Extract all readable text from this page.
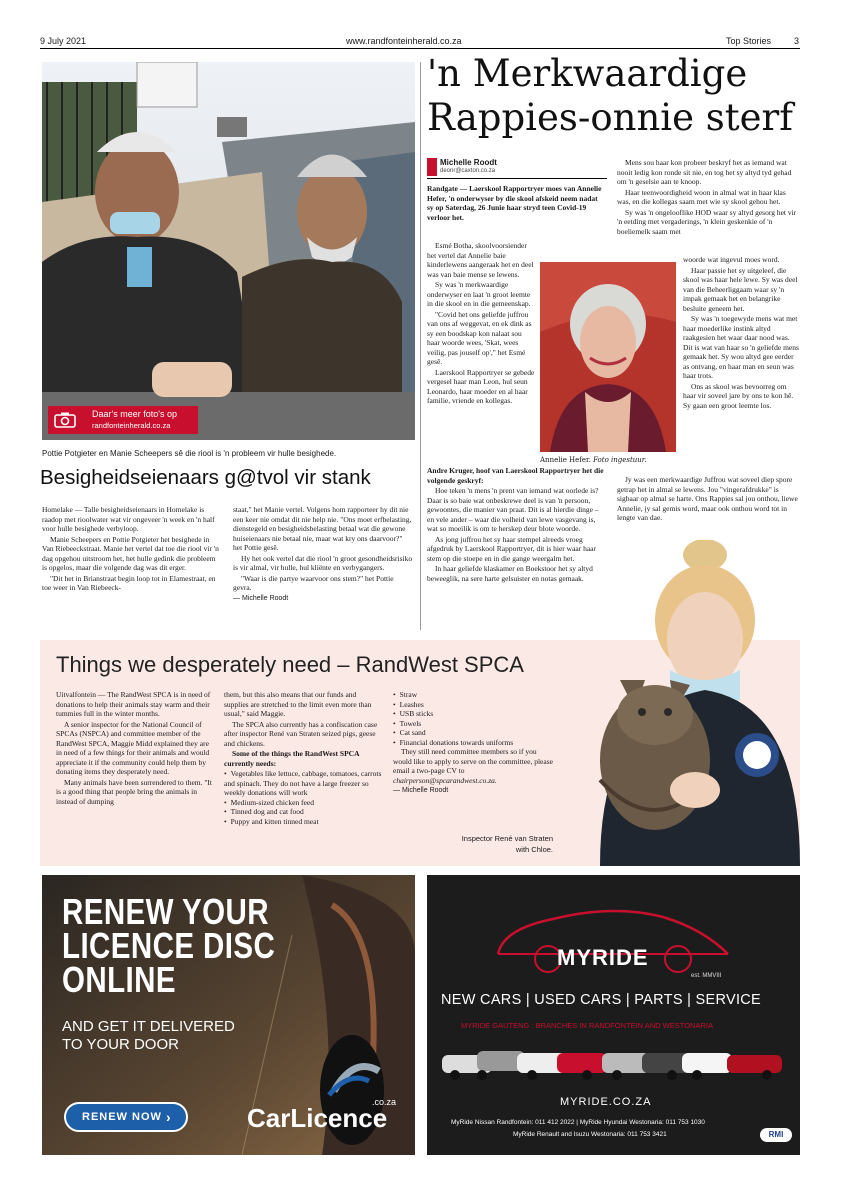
9 July 2021	www.randfonteinherald.co.za	Top Stories	3
Daar's meer foto's op
randfonteinherald.co.za
Pottie Potgieter en Manie Scheepers sê die riool is 'n probleem vir hulle besighede.
Besigheidseienaars g@tvol vir stank

Homelake — Talle besigheidseienaars in Homelake is raadop met rioolwater wat vir ongeveer 'n week en 'n half voor hulle besighede verbyloop.

Manie Scheepers en Pottie Potgieter het besighede in Van Riebeeckstraat. Manie het vertel dat toe die riool vir 'n dag opgehou uitstroom het, het hulle gedink die probleem is opgelos, maar die volgende dag was dit erger.

"Dit het in Brianstraat begin loop tot in Elamestraat, en toe weer in Van Riebeeck-

staat," het Manie vertel. Volgens hom rapporteer hy dit nie een keer nie omdat dit nie help nie. "Ons moet erfbelasting, dienstegeld en besigheidsbelasting betaal wat die gewone huiseienaars nie betaal nie, maar wat kry ons daarvoor?" het Pottie gesê.

Hy het ook vertel dat die riool 'n groot gesondheidsrisiko is vir almal, vir hulle, hul kliënte en verbygangers.

"Waar is die partye waarvoor ons stem?" het Pottie gevra.

— Michelle Roodt

'n Merkwaardige Rappies-onnie sterf
Michelle Roodt
deonr@caxton.co.za

Randgate — Laerskool Rapportryer moes van Annelie Hefer, 'n onderwyser by die skool afskeid neem nadat sy op Saterdag, 26 Junie haar stryd teen Covid-19 verloor het.

Esmé Botha, skoolvoorsiender het vertel dat Annelie baie kinderlewens aangeraak het en deel was van baie mense se lewens.

Sy was 'n merkwaardige onderwyser en laat 'n groot leemte in die skool en in die gemeenskap.

"Covid het ons geliefde juffrou van ons af weggevat, en ek dink as sy een boodskap kon nalaat sou haar woorde wees, 'Skat, wees veilig, pas jouself op'," het Esmé gesê.

Laerskool Rapportryer se gebede vergesel haar man Leon, hul seun Leonardo, haar moeder en al haar familie, vriende en kollegas.

Andre Kruger, hoof van Laerskool Rapportryer het die volgende geskryf:

Hoe teken 'n mens 'n prent van iemand wat oorlede is? Daar is so baie wat onbeskrewe deel is van 'n persoon, gewoontes, die manier van praat. Dit is al hierdie dinge – en vele ander – waar die volheid van lewe vasgevang is, wat so moeilik is om te herskep deur blote woorde.

As jong juffrou het sy haar stempel alreeds vroeg afgedruk by Laerskool Rapportryer, dit is hier waar haar stem op die stoepe en in die gange weergalm het.

In haar geliefde klaskamer en Boekstoor het sy altyd beweeglik, na sere harte gelsuister en notas gemaak.

Annelie Hefer. Foto ingestuur.

Mens sou haar kon probeer beskryf het as iemand wat nooit ledig kon ronde sit nie, en tog het sy altyd tyd gehad om 'n geselsie aan te knoop.

Haar teenwoordigheid woon in almal wat in haar klas was, en die kollegas saam met wie sy skool gehou het.

Sy was 'n ongelooflike HOD waar sy altyd gesorg het vir 'n eetding met vergaderings, 'n klein geskenkie of 'n boeliemelk saam met

woorde wat ingevul moes word.

Haar passie het sy uitgeleef, die skool was haar hele lewe. Sy was deel van die Beheerliggaam waar sy 'n impak gemaak het en belangrike besluite geneem het.

Sy was 'n toegewyde mens wat met haar moederlike instink altyd raakgesien het waar daar nood was. Dit is wat van haar so 'n geliefde mens gemaak het. Sy wou altyd gee eerder as ontvang, en haar man en seun was haar trots.

Ons as skool was bevoorreg om haar vir soveel jare by ons te kon hê. Sy gaan een groot leemte los.

Jy was een merkwaardige Juffrou wat soveel diep spore getrap het in almal se lewens. Jou "vingerafdrukke" is sigbaar op almal se harte. Ons Rappies sal jou onthou, liewe Annelie, jy sal gemis word, maar ook onthou word tot in lengte van dae.

Things we desperately need – RandWest SPCA

Uitvalfontein — The RandWest SPCA is in need of donations to help their animals stay warm and their tummies full in the winter months.

A senior inspector for the National Council of SPCAs (NSPCA) and committee member of the RandWest SPCA, Maggie Midd explained they are in need of a few things for their animals and would appreciate it if the community could help them by donating items they desperately need.

Many animals have been surrendered to them. "It is a good thing that people bring the animals in instead of dumping

them, but this also means that our funds and supplies are stretched to the limit even more than usual," said Maggie.

The SPCA also currently has a confiscation case after inspector René van Straten seized pigs, geese and chickens.

Some of the things the RandWest SPCA currently needs:

• Vegetables like lettuce, cabbage, tomatoes, carrots and spinach. They do not have a large freezer so weekly donations will work
• Medium-sized chicken feed
• Tinned dog and cat food
• Puppy and kitten tinned meat
• Straw
• Leashes
• USB sticks
• Towels
• Cat sand
• Financial donations towards uniforms

They still need committee members so if you would like to apply to serve on the committee, please email a two-page CV to chairperson@spcarandwest.co.za.

— Michelle Roodt

Inspector René van Straten
with Chloe.
RENEW YOUR
LICENCE DISC
ONLINE
AND GET IT DELIVERED
TO YOUR DOOR
RENEW NOW ›	CarLicence
.co.za
MYRIDE
est. MMVIII
NEW CARS | USED CARS | PARTS | SERVICE
MYRIDE GAUTENG : BRANCHES IN RANDFONTEIN AND WESTONARIA
MYRIDE.CO.ZA
MyRide Nissan Randfontein: 011 412 2022 | MyRide Hyundai Westonaria: 011 753 1030
MyRide Renault and Isuzu Westonaria: 011 753 3421	RMI
